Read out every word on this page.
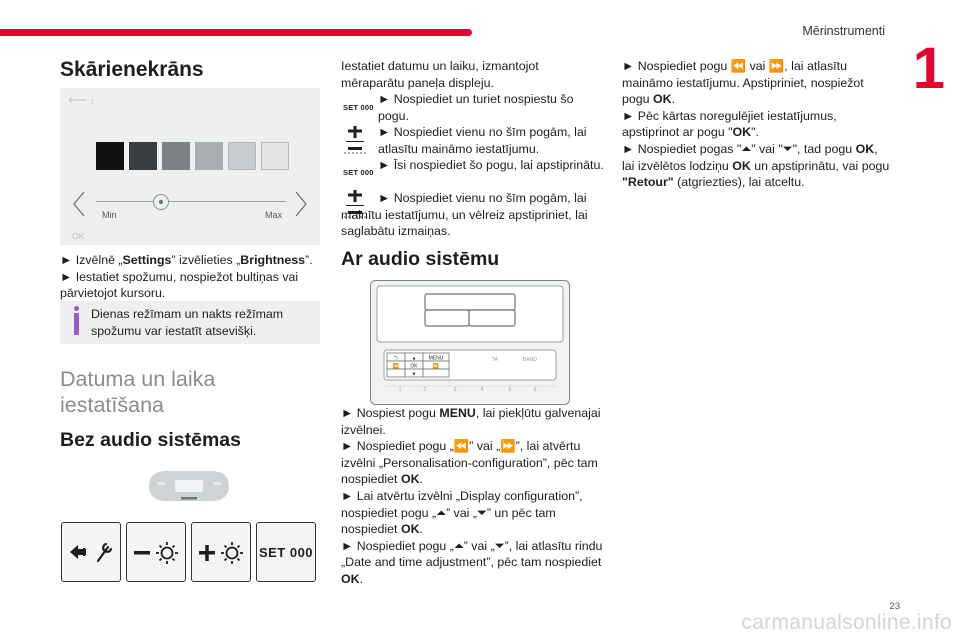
Mērinstrumenti
1
Skārienekrāns
⟵ 1
Min	Max
OK
► Izvēlnē „Settings” izvēlieties „Brightness”.
► Iestatiet spožumu, nospiežot bultiņas vai pārvietojot kursoru.
Dienas režīmam un nakts režīmam spožumu var iestatīt atsevišķi.
Datuma un laika
iestatīšana
Bez audio sistēmas
SET 000
Iestatiet datumu un laiku, izmantojot mēraparātu paneļa displeju.
SET 000
► Nospiediet un turiet nospiestu šo pogu.
► Nospiediet vienu no šīm pogām, lai atlasītu maināmo iestatījumu.
SET 000
► Īsi nospiediet šo pogu, lai apstiprinātu.
► Nospiediet vienu no šīm pogām, lai mainītu iestatījumu, un vēlreiz apstipriniet, lai saglabātu izmaiņas.
Ar audio sistēmu
⮌	▲ MENU
⏪ OK	⏩
▼
TA	BAND
1	2	3	4	5	6
► Nospiest pogu MENU, lai piekļūtu galvenajai izvēlnei.
► Nospiediet pogu „⏪” vai „⏩”, lai atvērtu izvēlni „Personalisation-configuration”, pēc tam nospiediet OK.
► Lai atvērtu izvēlni „Display configuration”, nospiediet pogu „⏶” vai „⏷” un pēc tam nospiediet OK.
► Nospiediet pogu „⏶” vai „⏷”, lai atlasītu rindu „Date and time adjustment”, pēc tam nospiediet OK.
► Nospiediet pogu ⏪ vai ⏩, lai atlasītu maināmo iestatījumu. Apstipriniet, nospiežot pogu OK.
► Pēc kārtas noregulējiet iestatījumus, apstiprinot ar pogu "OK".
► Nospiediet pogas "⏶" vai "⏷", tad pogu OK, lai izvēlētos lodziņu OK un apstiprinātu, vai pogu "Retour" (atgriezties), lai atceltu.
23
carmanualsonline.info
